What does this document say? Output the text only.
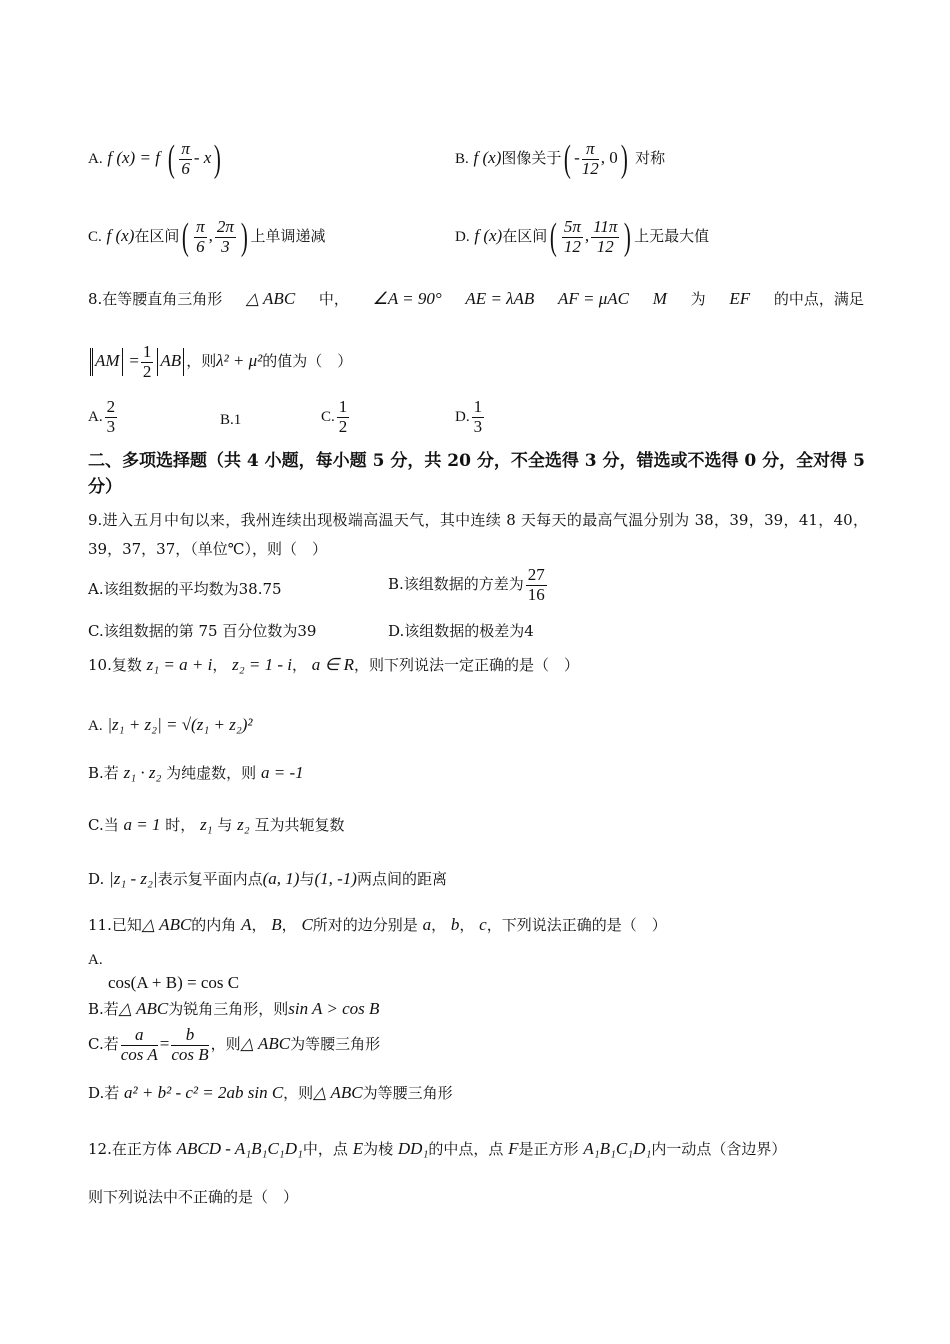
A. f (x) = f ( $\frac{\pi}{6} - x$)	B. f (x)图像关于( - $\frac{\pi}{12}$ , 0) 对称
C. f (x)在区间( $\frac{\pi}{6}$ , $\frac{2\pi}{3}$ ) 上单调递减	D. f (x)在区间( $\frac{5\pi}{12}$ , $\frac{11\pi}{12}$ ) 上无最大值
8.在等腰直角三角形 △ ABC 中， ∠A = 90° AE = λAB AF = μAC M 为 EF 的中点，满足
AM = $\frac{1}{2}$ AB ，则λ² + μ²的值为（　）
A. $\frac{2}{3}$	B.1	C. $\frac{1}{2}$	D. $\frac{1}{3}$
二、多项选择题（共 4 小题，每小题 5 分，共 20 分，不全选得 3 分，错选或不选得 0 分，全对得 5 分）
9.进入五月中旬以来，我州连续出现极端高温天气，其中连续 8 天每天的最高气温分别为 38，39，39，41，40，39，37，37，（单位℃），则（　）
A.该组数据的平均数为38.75	B.该组数据的方差为 $\frac{27}{16}$
C.该组数据的第 75 百分位数为39	D.该组数据的极差为4
10.复数 z₁ = a + i， z₂ = 1 - i， a ∈ R，则下列说法一定正确的是（　）
A. |z₁ + z₂| = √(z₁ + z₂)²
B.若 z₁ · z₂ 为纯虚数，则 a = -1
C.当 a = 1 时， z₁ 与 z₂ 互为共轭复数
D. |z₁ - z₂|表示复平面内点(a, 1)与(1, -1)两点间的距离
11.已知△ ABC的内角 A， B， C所对的边分别是 a， b， c，下列说法正确的是（　）
A.
cos(A + B) = cos C
B.若△ ABC为锐角三角形，则sin A > cos B
C.若 $\frac{a}{\text{cos A}} = \frac{b}{\text{cos B}}$ ，则△ ABC为等腰三角形
D.若 a² + b² - c² = 2ab sin C，则△ ABC为等腰三角形
12.在正方体 ABCD - A₁B₁C₁D₁中，点 E为棱 DD₁的中点，点 F是正方形 A₁B₁C₁D₁内一动点（含边界）
则下列说法中不正确的是（　）
